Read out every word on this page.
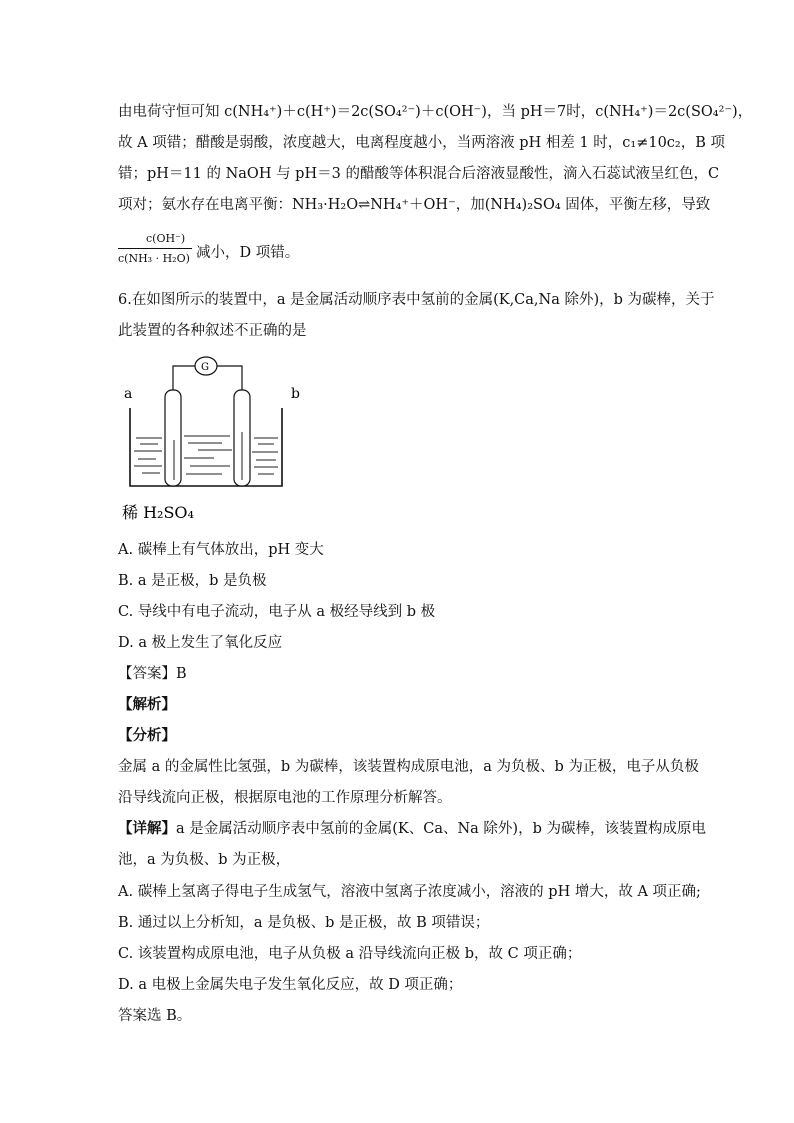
由电荷守恒可知 c(NH₄⁺)＋c(H⁺)＝2c(SO₄²⁻)＋c(OH⁻)，当 pH＝7时，c(NH₄⁺)＝2c(SO₄²⁻)，
故 A 项错；醋酸是弱酸，浓度越大，电离程度越小，当两溶液 pH 相差 1 时，c₁≠10c₂，B 项
错；pH＝11 的 NaOH 与 pH＝3 的醋酸等体积混合后溶液显酸性，滴入石蕊试液呈红色，C
项对；氨水存在电离平衡：NH₃·H₂O⇌NH₄⁺＋OH⁻，加(NH₄)₂SO₄ 固体，平衡左移，导致
c(OH⁻)
c(NH₃ · H₂O) 减小，D 项错。
6.在如图所示的装置中，a 是金属活动顺序表中氢前的金属(K,Ca,Na 除外)，b 为碳棒，关于
此装置的各种叙述不正确的是
a	b
G
稀 H₂SO₄
A. 碳棒上有气体放出，pH 变大
B. a 是正极，b 是负极
C. 导线中有电子流动，电子从 a 极经导线到 b 极
D. a 极上发生了氧化反应
【答案】B
【解析】
【分析】
金属 a 的金属性比氢强，b 为碳棒，该装置构成原电池，a 为负极、b 为正极，电子从负极
沿导线流向正极，根据原电池的工作原理分析解答。
【详解】a 是金属活动顺序表中氢前的金属(K、Ca、Na 除外)，b 为碳棒，该装置构成原电
池，a 为负极、b 为正极，
A. 碳棒上氢离子得电子生成氢气，溶液中氢离子浓度减小，溶液的 pH 增大，故 A 项正确;
B. 通过以上分析知，a 是负极、b 是正极，故 B 项错误；
C. 该装置构成原电池，电子从负极 a 沿导线流向正极 b，故 C 项正确；
D. a 电极上金属失电子发生氧化反应，故 D 项正确；
答案选 B。
